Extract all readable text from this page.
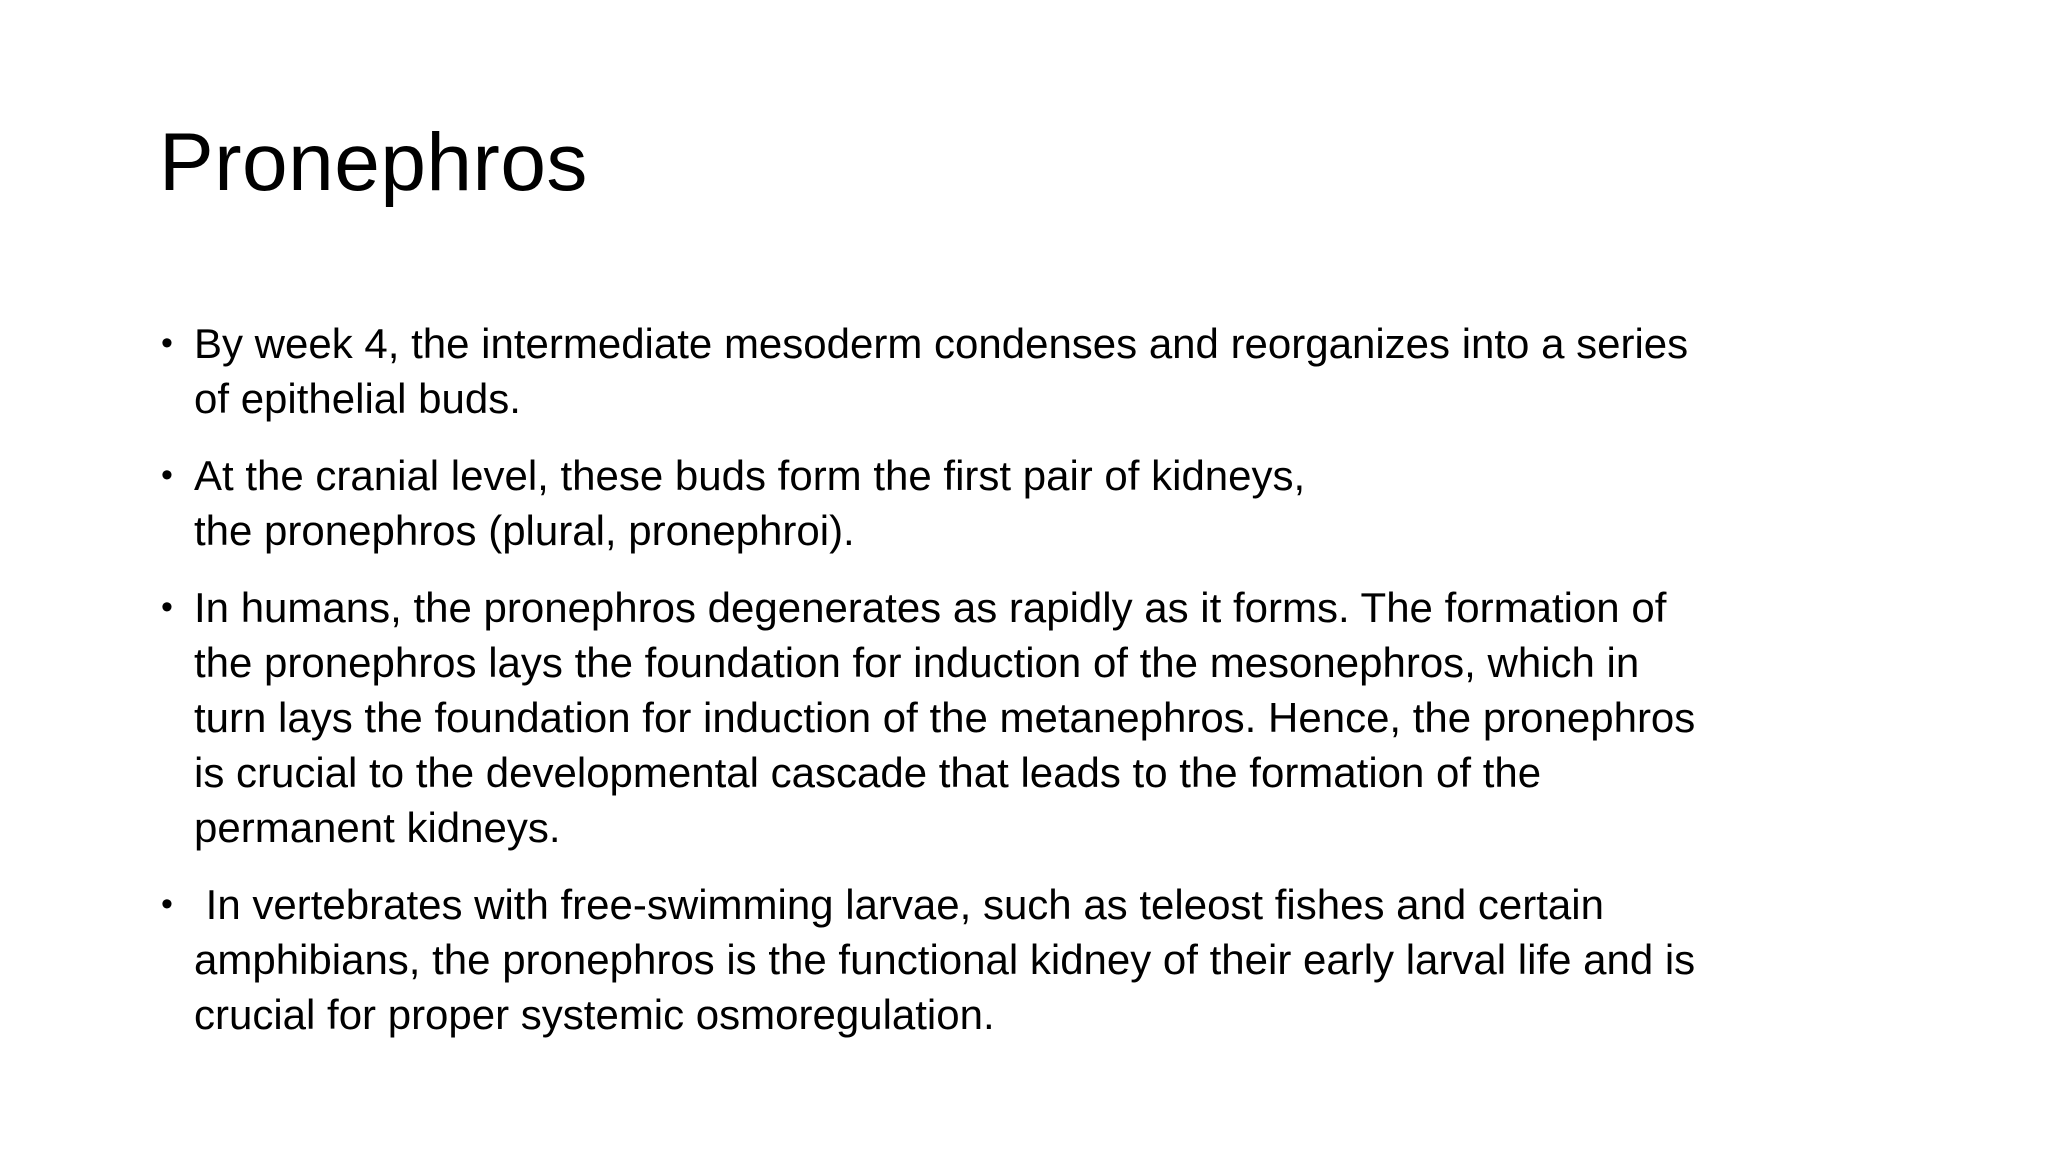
Pronephros
• By week 4, the intermediate mesoderm condenses and reorganizes into a series
of epithelial buds.
• At the cranial level, these buds form the first pair of kidneys,
the pronephros (plural, pronephroi).
• In humans, the pronephros degenerates as rapidly as it forms. The formation of
the pronephros lays the foundation for induction of the mesonephros, which in
turn lays the foundation for induction of the metanephros. Hence, the pronephros
is crucial to the developmental cascade that leads to the formation of the
permanent kidneys.
• In vertebrates with free-swimming larvae, such as teleost fishes and certain
amphibians, the pronephros is the functional kidney of their early larval life and is
crucial for proper systemic osmoregulation.
